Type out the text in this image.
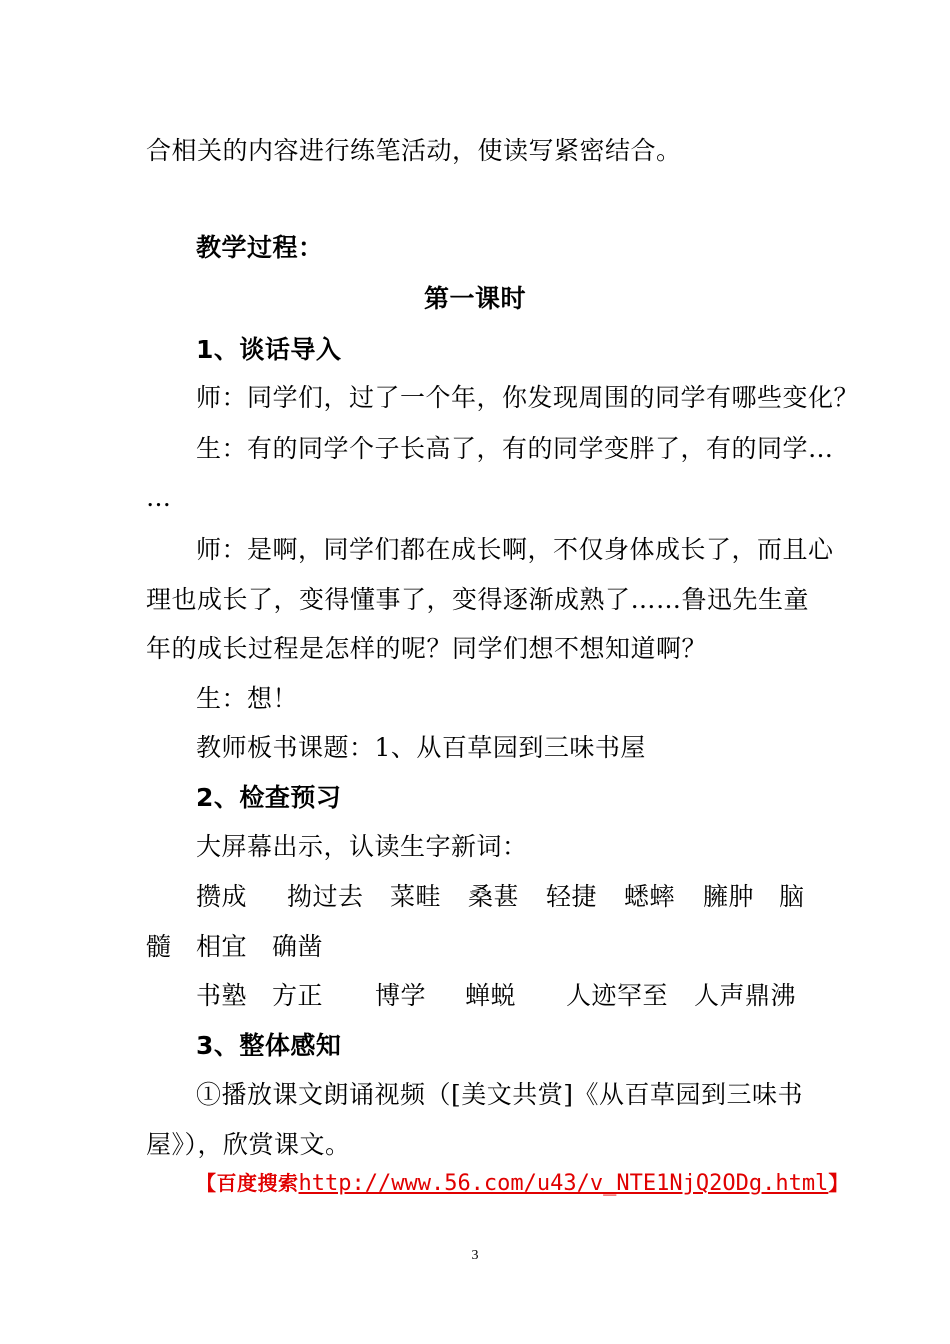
合相关的内容进行练笔活动，使读写紧密结合。
教学过程：
第一课时
1、谈话导入
师：同学们，过了一个年，你发现周围的同学有哪些变化？
生：有的同学个子长高了，有的同学变胖了，有的同学…
…
师：是啊，同学们都在成长啊，不仅身体成长了，而且心
理也成长了，变得懂事了，变得逐渐成熟了……鲁迅先生童
年的成长过程是怎样的呢？同学们想不想知道啊？
生：想！
教师板书课题：1、从百草园到三味书屋
2、检查预习
大屏幕出示，认读生字新词：
攒成 拗过去 菜畦 桑葚 轻捷 蟋蟀 臃肿 脑
髓 相宜 确凿
书塾 方正 博学 蝉蜕 人迹罕至 人声鼎沸
3、整体感知
①播放课文朗诵视频（[美文共赏]《从百草园到三味书
屋》），欣赏课文。
【百度搜索http://www.56.com/u43/v_NTE1NjQ2ODg.html】
3
